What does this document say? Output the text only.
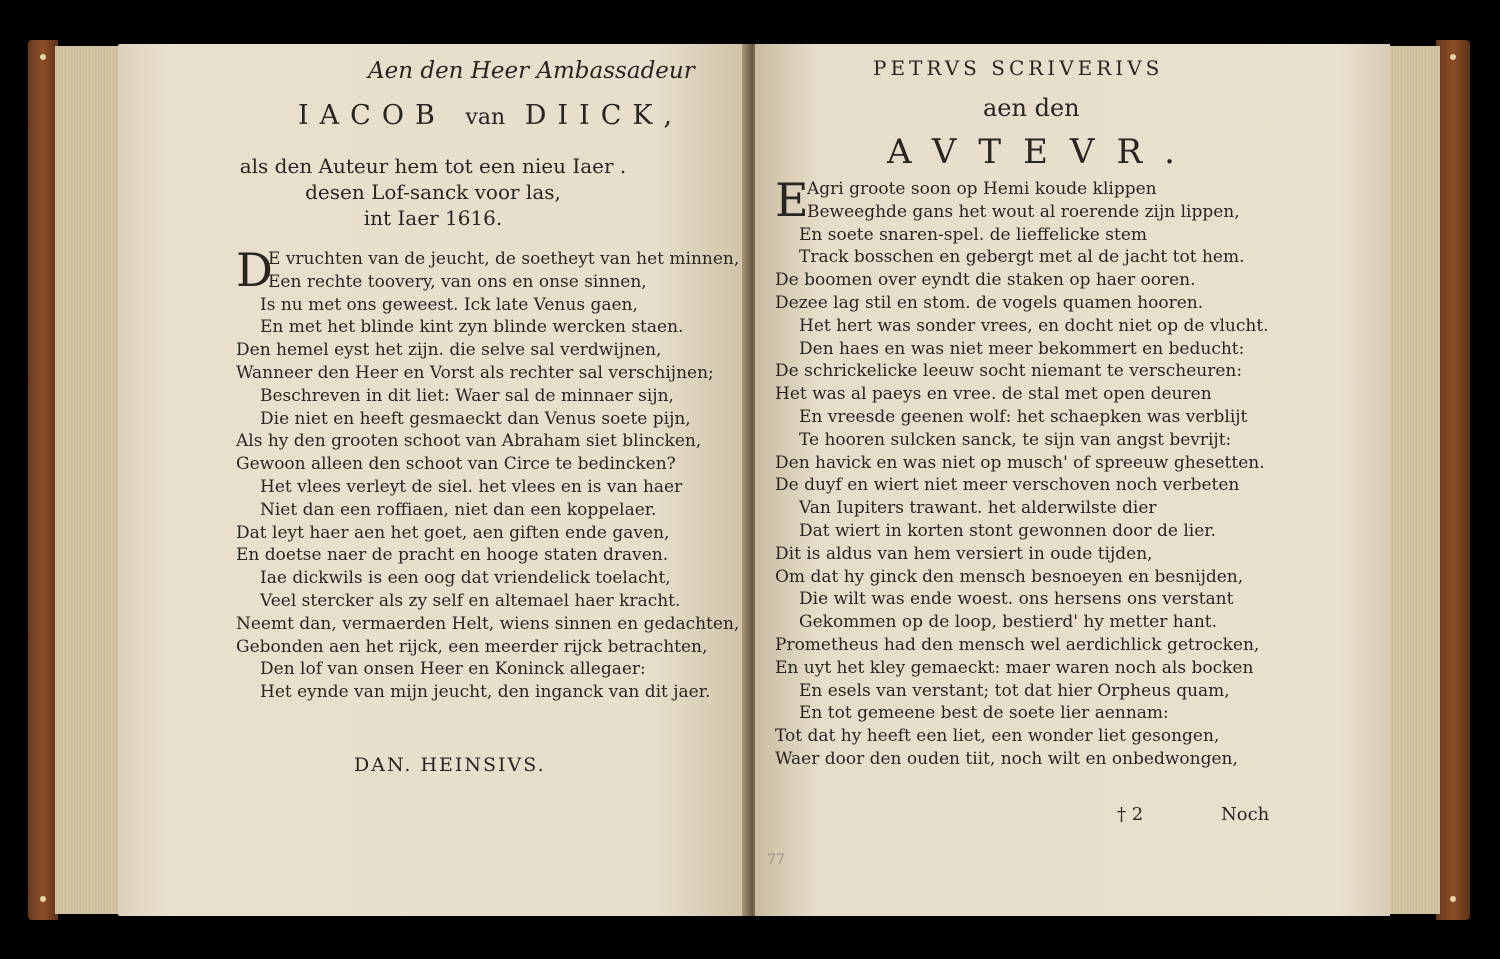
Aen den Heer Ambassadeur
IACOB van DIICK,
als den Auteur hem tot een nieu Iaer .
desen Lof-sanck voor las,
int Iaer 1616.
D
E vruchten van de jeucht, de soetheyt van het minnen,
Een rechte toovery, van ons en onse sinnen,
Is nu met ons geweest. Ick late Venus gaen,
En met het blinde kint zyn blinde wercken staen.
Den hemel eyst het zijn. die selve sal verdwijnen,
Wanneer den Heer en Vorst als rechter sal verschijnen;
Beschreven in dit liet: Waer sal de minnaer sijn,
Die niet en heeft gesmaeckt dan Venus soete pijn,
Als hy den grooten schoot van Abraham siet blincken,
Gewoon alleen den schoot van Circe te bedincken?
Het vlees verleyt de siel. het vlees en is van haer
Niet dan een roffiaen, niet dan een koppelaer.
Dat leyt haer aen het goet, aen giften ende gaven,
En doetse naer de pracht en hooge staten draven.
Iae dickwils is een oog dat vriendelick toelacht,
Veel stercker als zy self en altemael haer kracht.
Neemt dan, vermaerden Helt, wiens sinnen en gedachten,
Gebonden aen het rijck, een meerder rijck betrachten,
Den lof van onsen Heer en Koninck allegaer:
Het eynde van mijn jeucht, den inganck van dit jaer.
DAN. HEINSIVS.
PETRVS SCRIVERIVS
aen den
AVTEVR.
E
Agri groote soon op Hemi koude klippen
Beweeghde gans het wout al roerende zijn lippen,
En soete snaren-spel. de lieffelicke stem
Track bosschen en gebergt met al de jacht tot hem.
De boomen over eyndt die staken op haer ooren.
Dezee lag stil en stom. de vogels quamen hooren.
Het hert was sonder vrees, en docht niet op de vlucht.
Den haes en was niet meer bekommert en beducht:
De schrickelicke leeuw socht niemant te verscheuren:
Het was al paeys en vree. de stal met open deuren
En vreesde geenen wolf: het schaepken was verblijt
Te hooren sulcken sanck, te sijn van angst bevrijt:
Den havick en was niet op musch' of spreeuw ghesetten.
De duyf en wiert niet meer verschoven noch verbeten
Van Iupiters trawant. het alderwilste dier
Dat wiert in korten stont gewonnen door de lier.
Dit is aldus van hem versiert in oude tijden,
Om dat hy ginck den mensch besnoeyen en besnijden,
Die wilt was ende woest. ons hersens ons verstant
Gekommen op de loop, bestierd' hy metter hant.
Prometheus had den mensch wel aerdichlick getrocken,
En uyt het kley gemaeckt: maer waren noch als bocken
En esels van verstant; tot dat hier Orpheus quam,
En tot gemeene best de soete lier aennam:
Tot dat hy heeft een liet, een wonder liet gesongen,
Waer door den ouden tiit, noch wilt en onbedwongen,
† 2	Noch
77
